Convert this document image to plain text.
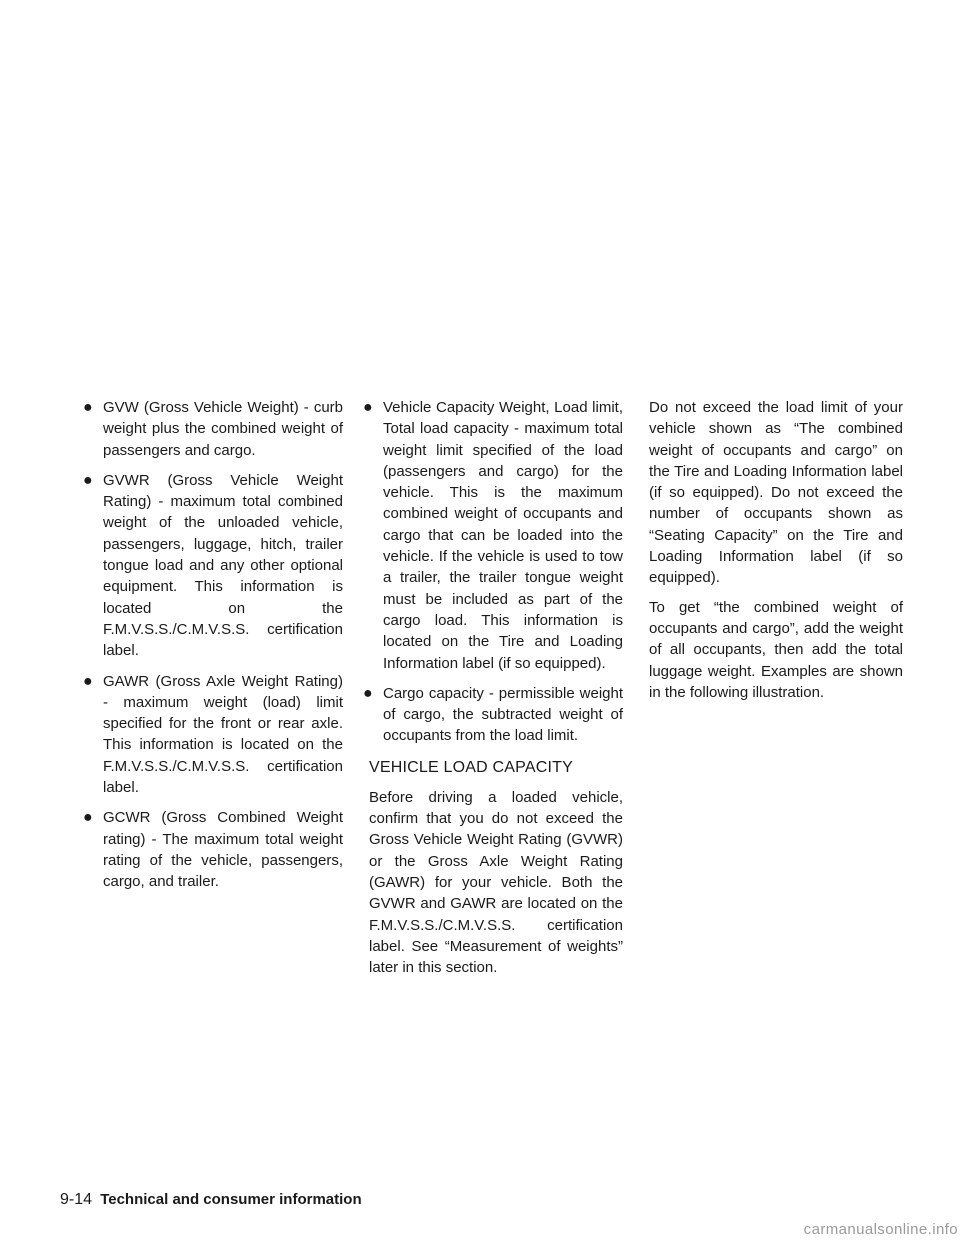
● GVW (Gross Vehicle Weight) - curb weight plus the combined weight of passengers and cargo.
● GVWR (Gross Vehicle Weight Rating) - maximum total combined weight of the unloaded vehicle, passengers, luggage, hitch, trailer tongue load and any other optional equipment. This information is located on the F.M.V.S.S./C.M.V.S.S. certification label.
● GAWR (Gross Axle Weight Rating) - maximum weight (load) limit specified for the front or rear axle. This information is located on the F.M.V.S.S./C.M.V.S.S. certification label.
● GCWR (Gross Combined Weight rating) - The maximum total weight rating of the vehicle, passengers, cargo, and trailer.
● Vehicle Capacity Weight, Load limit, Total load capacity - maximum total weight limit specified of the load (passengers and cargo) for the vehicle. This is the maximum combined weight of occupants and cargo that can be loaded into the vehicle. If the vehicle is used to tow a trailer, the trailer tongue weight must be included as part of the cargo load. This information is located on the Tire and Loading Information label (if so equipped).
● Cargo capacity - permissible weight of cargo, the subtracted weight of occupants from the load limit.
VEHICLE LOAD CAPACITY

Before driving a loaded vehicle, confirm that you do not exceed the Gross Vehicle Weight Rating (GVWR) or the Gross Axle Weight Rating (GAWR) for your vehicle. Both the GVWR and GAWR are located on the F.M.V.S.S./C.M.V.S.S. certification label. See “Measurement of weights” later in this section.

Do not exceed the load limit of your vehicle shown as “The combined weight of occupants and cargo” on the Tire and Loading Information label (if so equipped). Do not exceed the number of occupants shown as “Seating Capacity” on the Tire and Loading Information label (if so equipped).

To get “the combined weight of occupants and cargo”, add the weight of all occupants, then add the total luggage weight. Examples are shown in the following illustration.

9-14 Technical and consumer information
carmanualsonline.info
